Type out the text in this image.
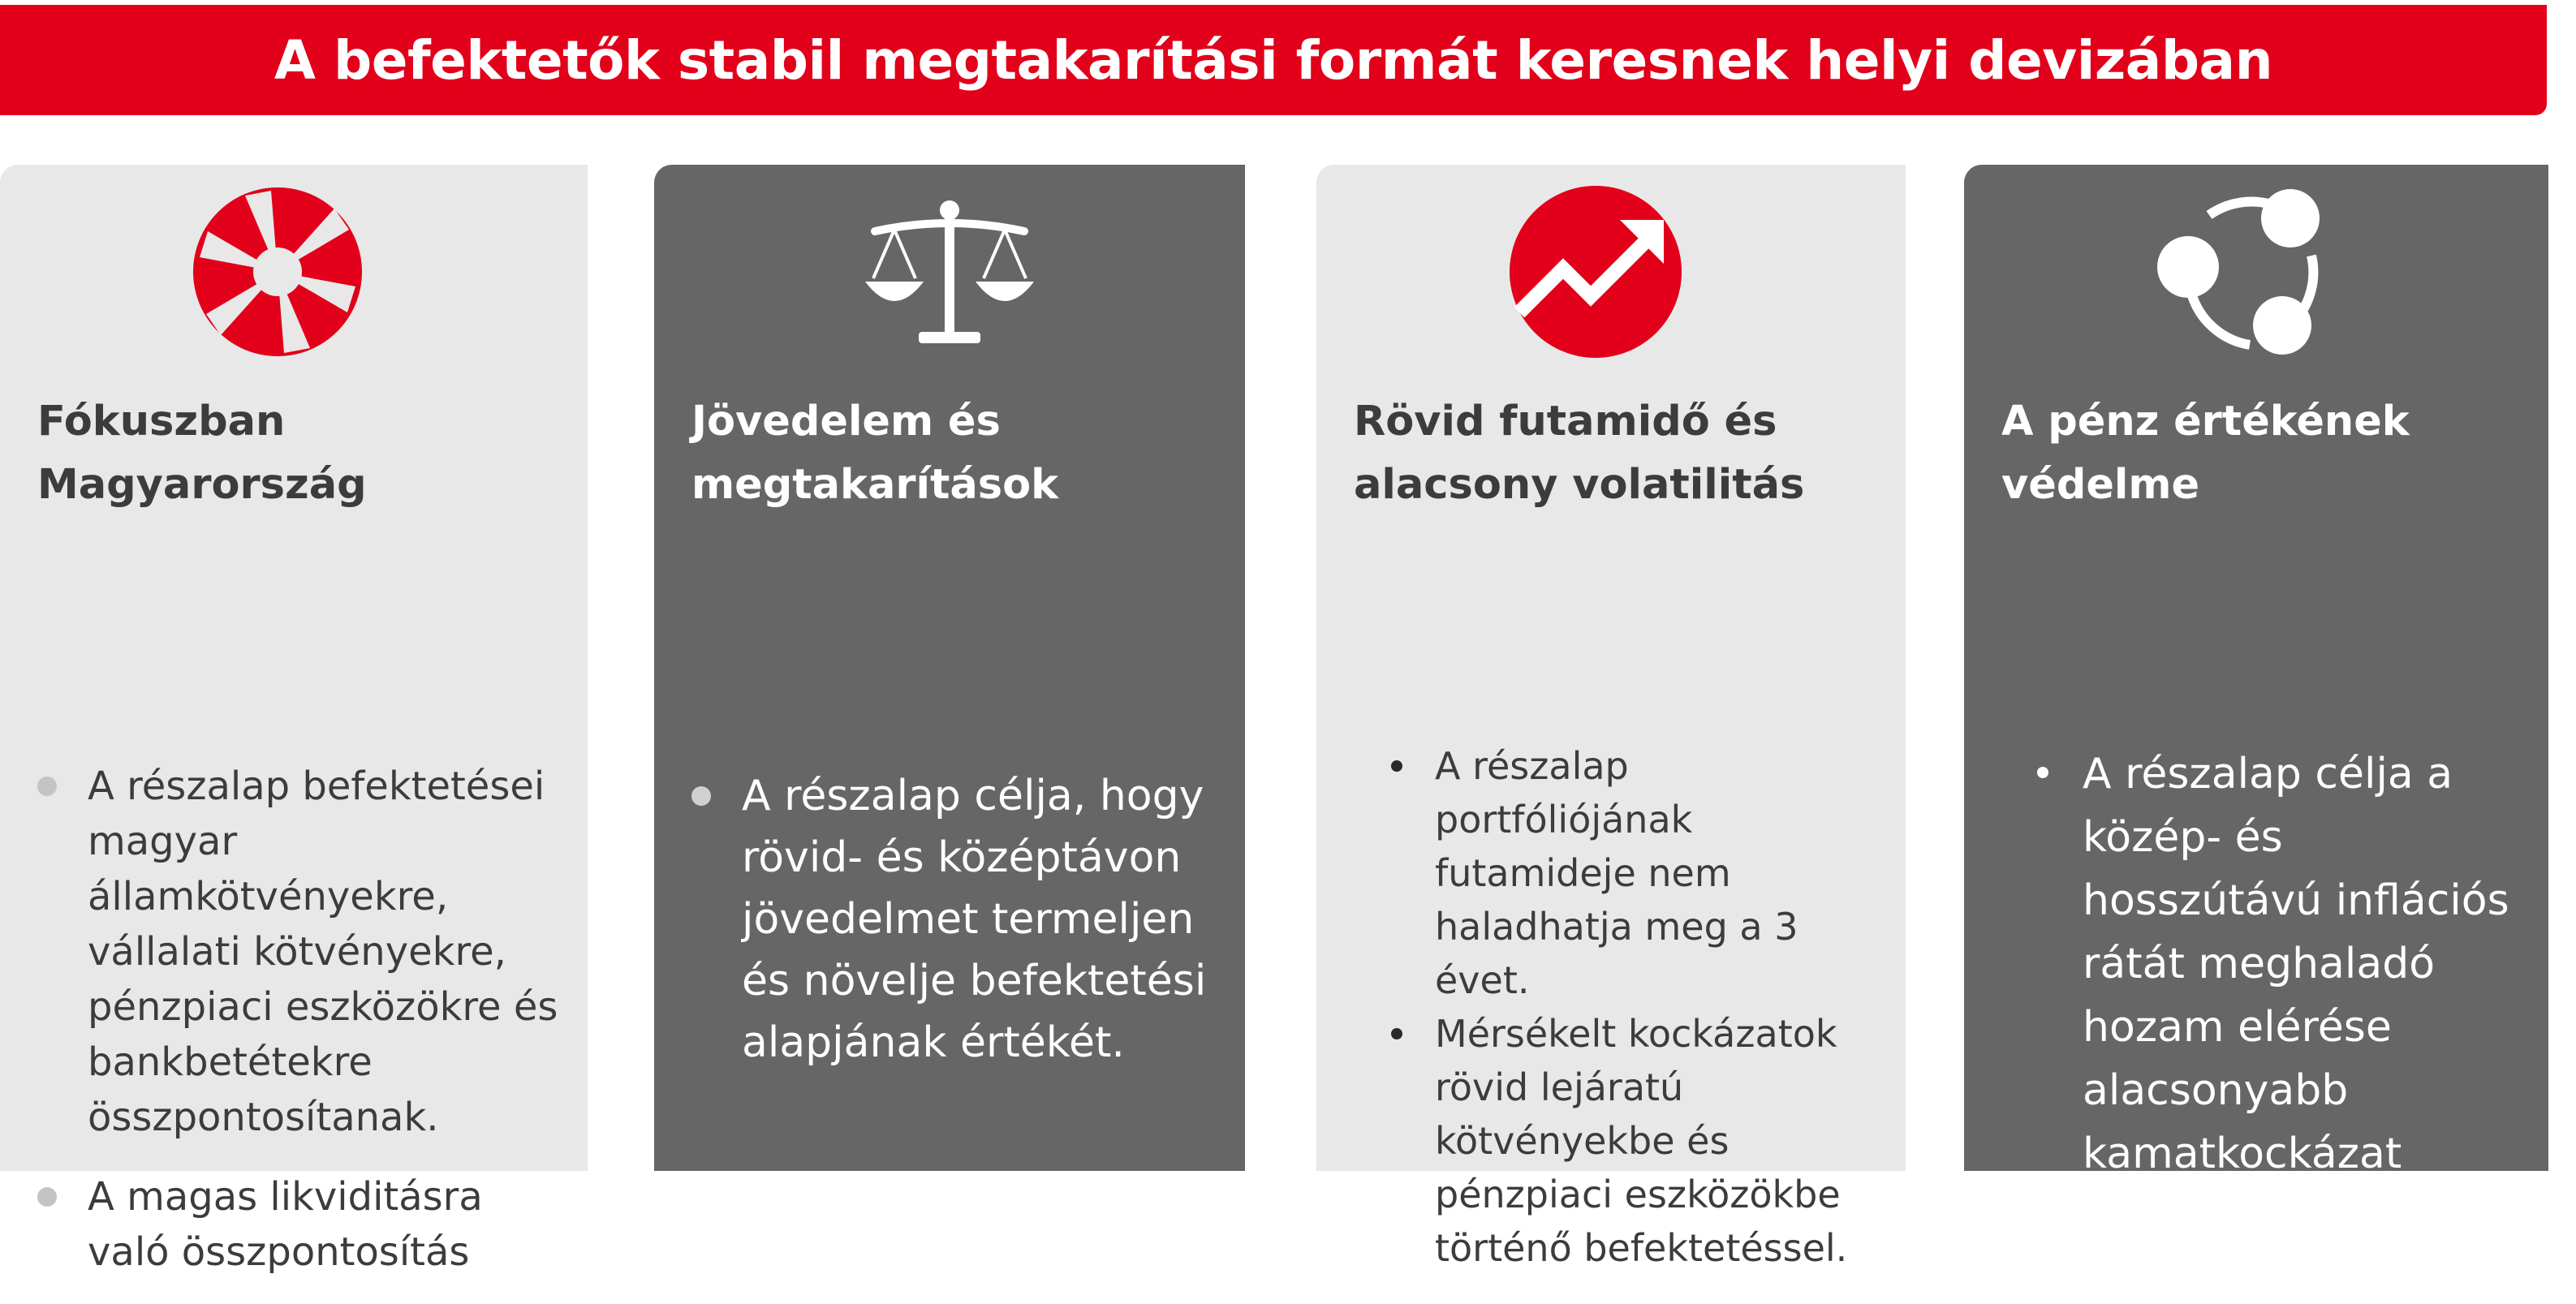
A befektetők stabil megtakarítási formát keresnek helyi devizában
Fókuszban
Magyarország
A részalap befektetései magyar államkötvényekre, vállalati kötvényekre, pénzpiaci eszközökre és bankbetétekre összpontosítanak.
A magas likviditásra való összpontosítás
Jövedelem és
megtakarítások
A részalap célja, hogy rövid- és középtávon jövedelmet termeljen és növelje befektetési alapjának értékét.
Rövid futamidő és
alacsony volatilitás
A részalap portfóliójának futamideje nem haladhatja meg a 3 évet.
Mérsékelt kockázatok rövid lejáratú kötvényekbe és pénzpiaci eszközökbe történő befektetéssel.
A pénz értékének
védelme
A részalap célja a közép- és hosszútávú inflációs rátát meghaladó hozam elérése alacsonyabb kamatkockázat mellett.
